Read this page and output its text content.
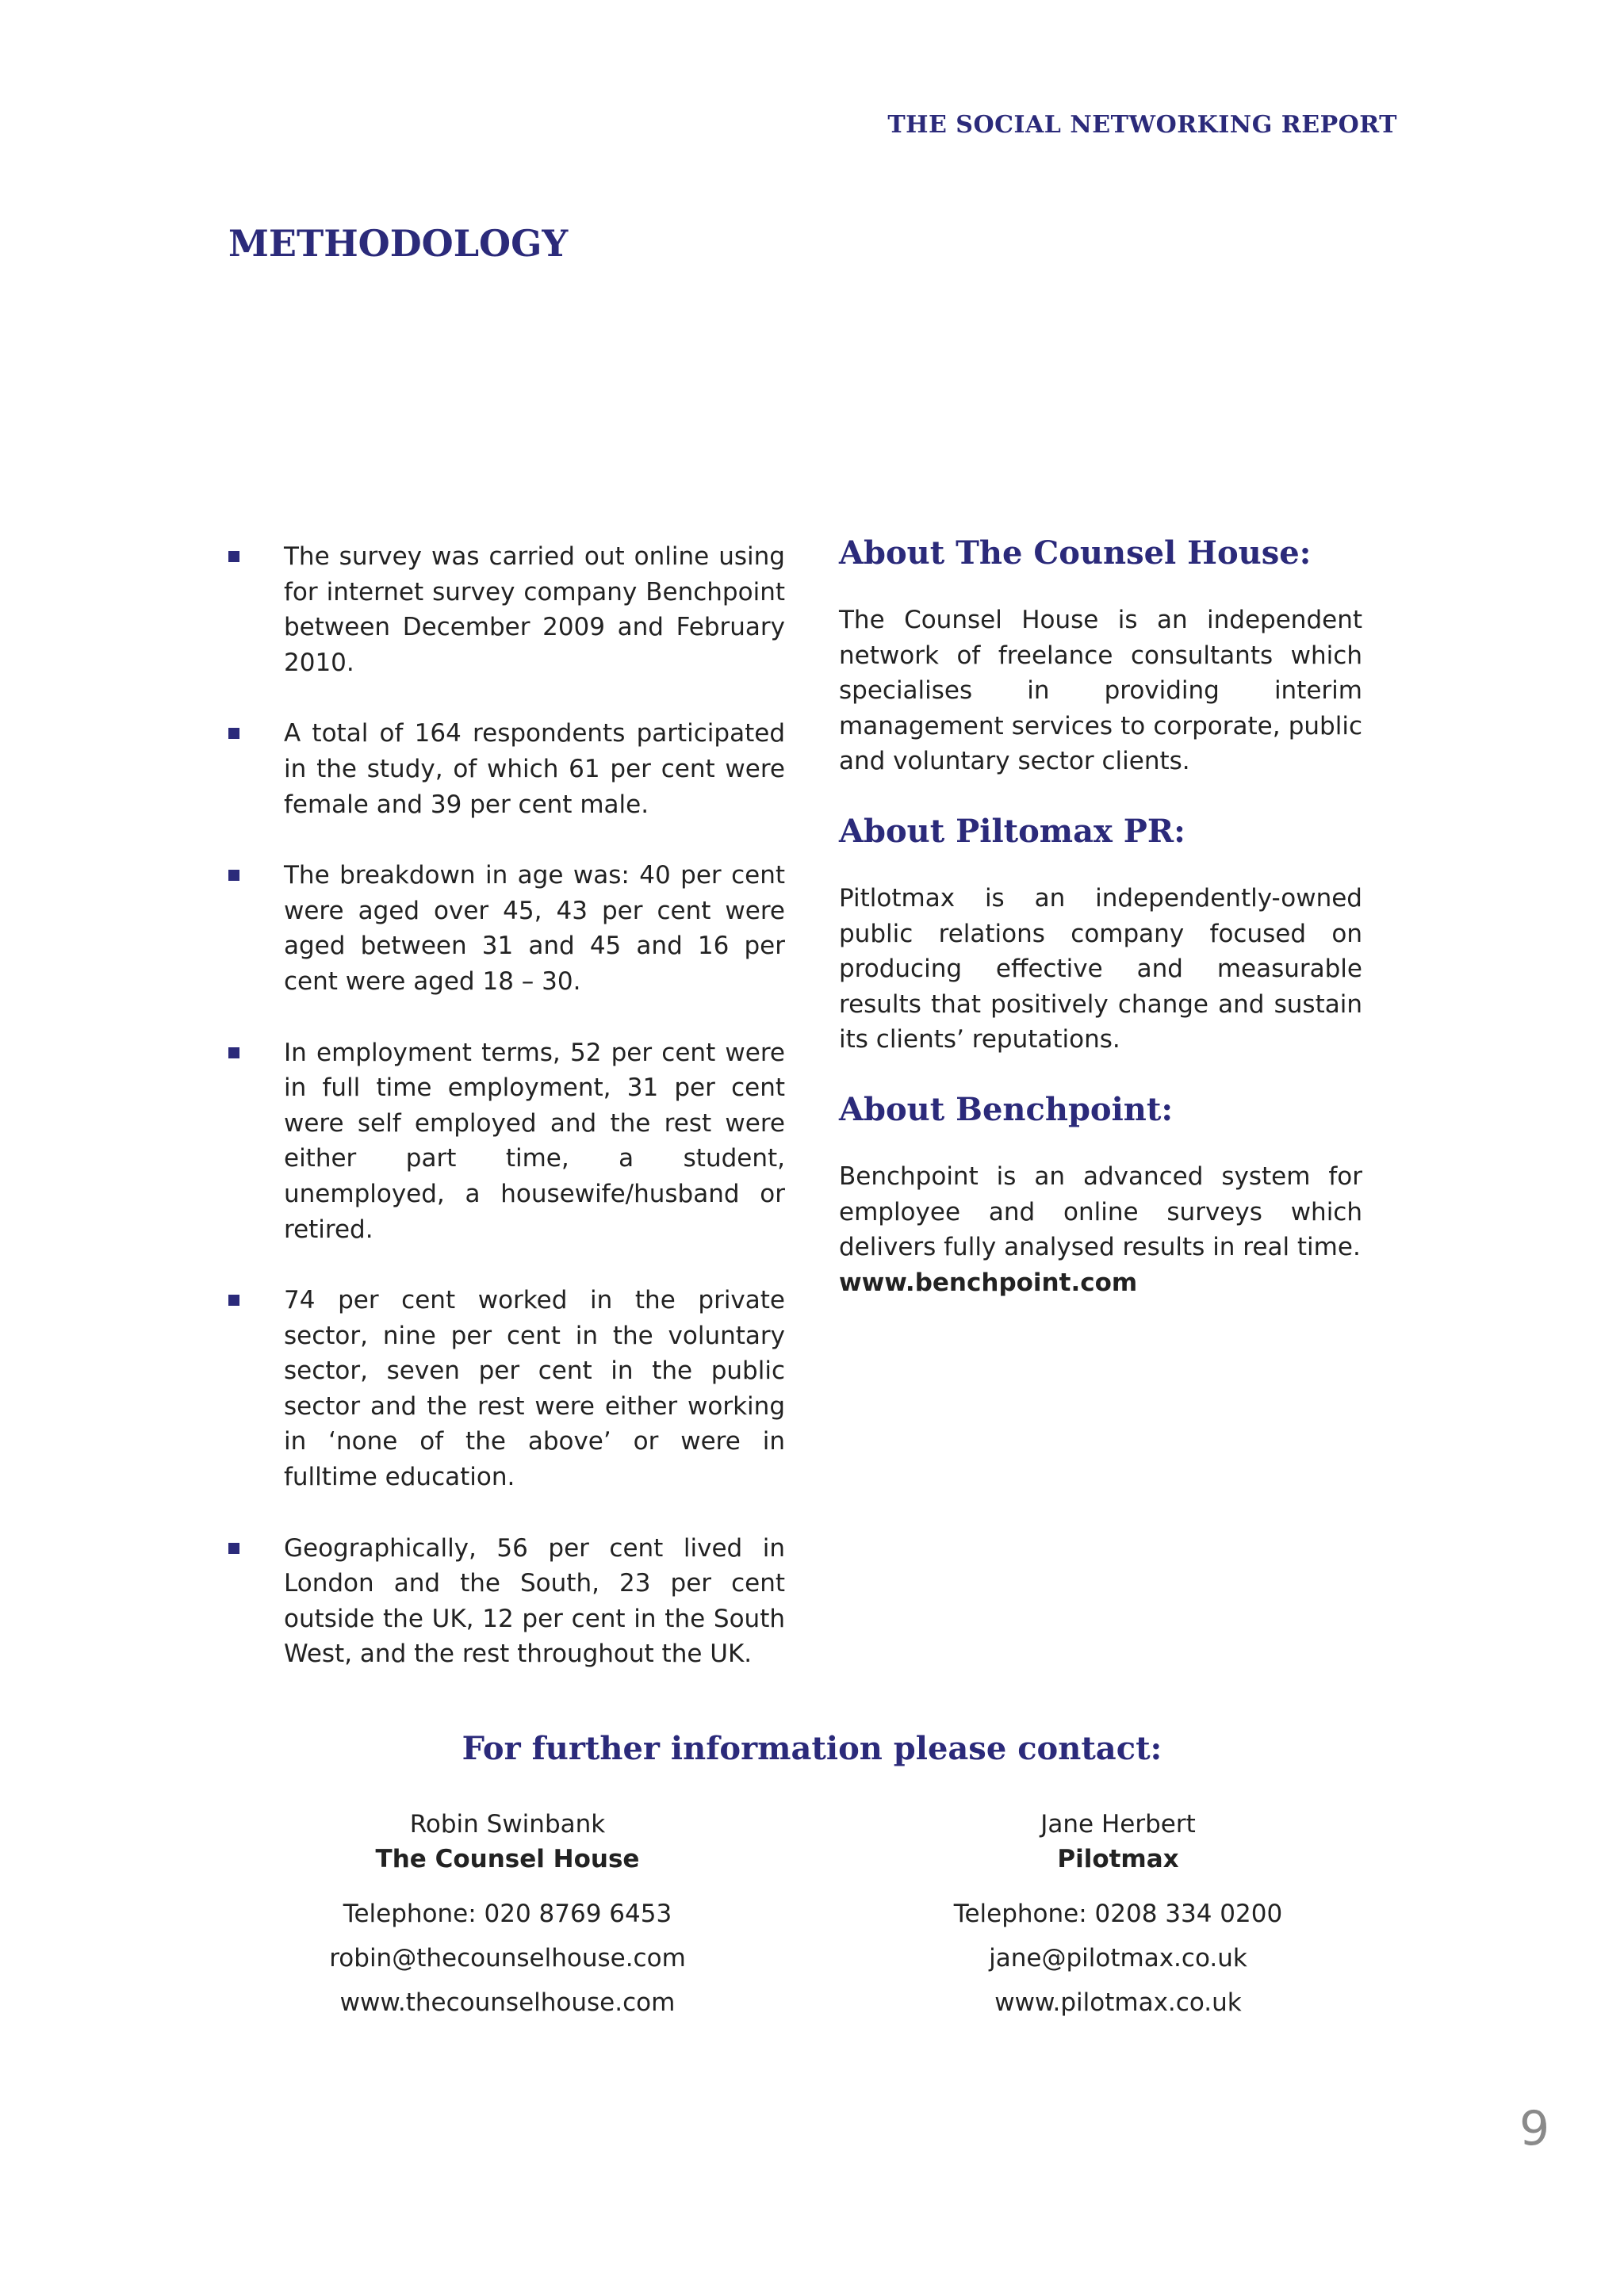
THE SOCIAL NETWORKING REPORT
METHODOLOGY
The survey was carried out online using for internet survey company Benchpoint between December 2009 and February 2010.
A total of 164 respondents participated in the study, of which 61 per cent were female and 39 per cent male.
The breakdown in age was: 40 per cent were aged over 45, 43 per cent were aged between 31 and 45 and 16 per cent were aged 18 – 30.
In employment terms, 52 per cent were in full time employment, 31 per cent were self employed and the rest were either part time, a student, unemployed, a housewife/husband or retired.
74 per cent worked in the private sector, nine per cent in the voluntary sector, seven per cent in the public sector and the rest were either working in ‘none of the above’ or were in fulltime education.
Geographically, 56 per cent lived in London and the South, 23 per cent outside the UK, 12 per cent in the South West, and the rest throughout the UK.
About The Counsel House:

The Counsel House is an independent network of freelance consultants which specialises in providing interim management services to corporate, public and voluntary sector clients.

About Piltomax PR:

Pitlotmax is an independently-owned public relations company focused on producing effective and measurable results that positively change and sustain its clients’ reputations.

About Benchpoint:

Benchpoint is an advanced system for employee and online surveys which delivers fully analysed results in real time.
www.benchpoint.com

For further information please contact:
Robin Swinbank
The Counsel House
Telephone: 020 8769 6453
robin@thecounselhouse.com
www.thecounselhouse.com
Jane Herbert
Pilotmax
Telephone: 0208 334 0200
jane@pilotmax.co.uk
www.pilotmax.co.uk
9
